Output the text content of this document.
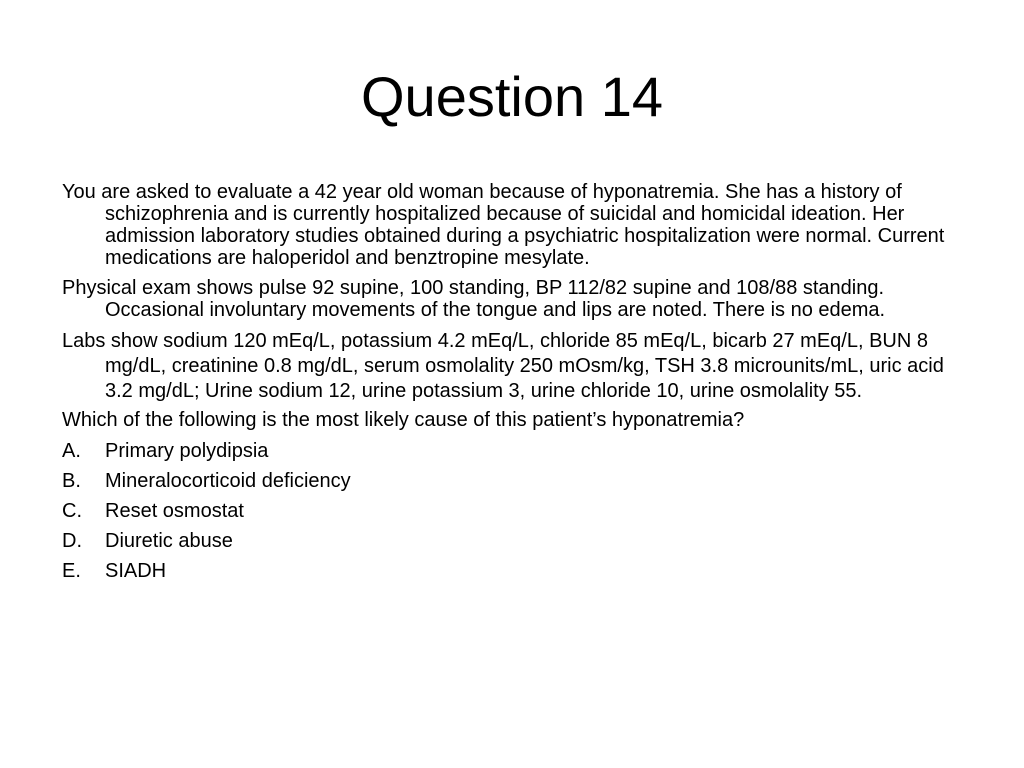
Question 14

You are asked to evaluate a 42 year old woman because of hyponatremia. She has a history of schizophrenia and is currently hospitalized because of suicidal and homicidal ideation. Her admission laboratory studies obtained during a psychiatric hospitalization were normal. Current medications are haloperidol and benztropine mesylate.

Physical exam shows pulse 92 supine, 100 standing, BP 112/82 supine and 108/88 standing. Occasional involuntary movements of the tongue and lips are noted. There is no edema.

Labs show sodium 120 mEq/L, potassium 4.2 mEq/L, chloride 85 mEq/L, bicarb 27 mEq/L, BUN 8 mg/dL, creatinine 0.8 mg/dL, serum osmolality 250 mOsm/kg, TSH 3.8 microunits/mL, uric acid 3.2 mg/dL; Urine sodium 12, urine potassium 3, urine chloride 10, urine osmolality 55.

Which of the following is the most likely cause of this patient’s hyponatremia?

A.	Primary polydipsia
B.	Mineralocorticoid deficiency
C.	Reset osmostat
D.	Diuretic abuse
E.	SIADH
